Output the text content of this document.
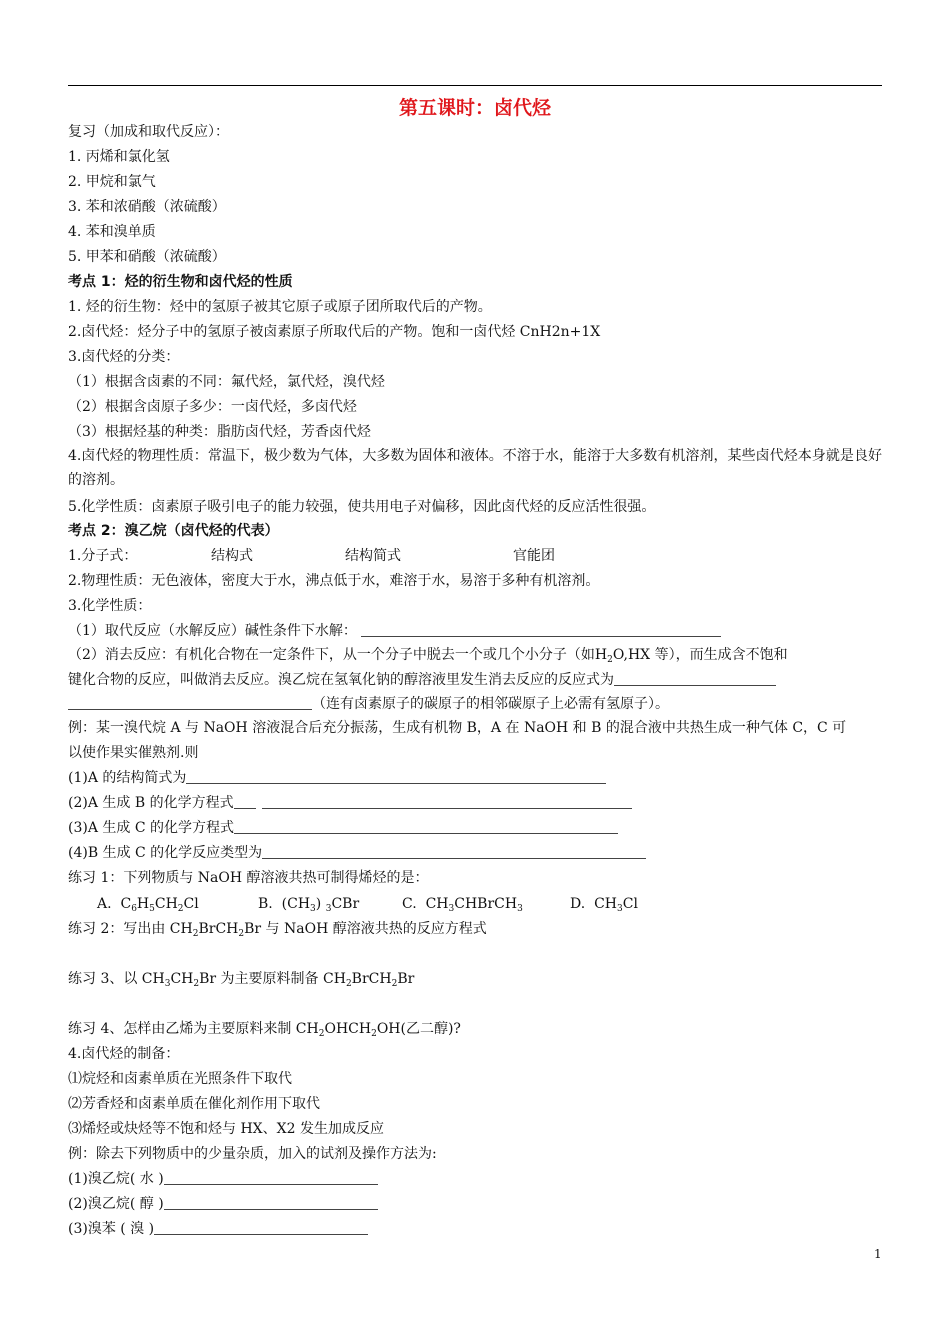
第五课时：卤代烃
复习（加成和取代反应）：
1. 丙烯和氯化氢
2. 甲烷和氯气
3. 苯和浓硝酸（浓硫酸）
4. 苯和溴单质
5. 甲苯和硝酸（浓硫酸）
考点 1：烃的衍生物和卤代烃的性质
1. 烃的衍生物：烃中的氢原子被其它原子或原子团所取代后的产物。
2.卤代烃：烃分子中的氢原子被卤素原子所取代后的产物。饱和一卤代烃 CnH2n+1X
3.卤代烃的分类：
（1）根据含卤素的不同：氟代烃，氯代烃，溴代烃
（2）根据含卤原子多少：一卤代烃，多卤代烃
（3）根据烃基的种类：脂肪卤代烃，芳香卤代烃
4.卤代烃的物理性质：常温下，极少数为气体，大多数为固体和液体。不溶于水，能溶于大多数有机溶剂，某些卤代烃本身就是良好的溶剂。
5.化学性质：卤素原子吸引电子的能力较强，使共用电子对偏移，因此卤代烃的反应活性很强。
考点 2：溴乙烷（卤代烃的代表）
1.分子式：	结构式	结构简式	官能团
2.物理性质：无色液体，密度大于水，沸点低于水，难溶于水，易溶于多种有机溶剂。
3.化学性质：
（1）取代反应（水解反应）碱性条件下水解：
（2）消去反应：有机化合物在一定条件下，从一个分子中脱去一个或几个小分子（如$H_2O,HX$ 等），而生成含不饱和
键化合物的反应，叫做消去反应。溴乙烷在氢氧化钠的醇溶液里发生消去反应的反应式为
（连有卤素原子的碳原子的相邻碳原子上必需有氢原子）。
例：某一溴代烷 A 与 NaOH 溶液混合后充分振荡，生成有机物 B，A 在 NaOH 和 B 的混合液中共热生成一种气体 C，C 可
以使作果实催熟剂.则
(1)A 的结构简式为
(2)A 生成 B 的化学方程式
(3)A 生成 C 的化学方程式
(4)B 生成 C 的化学反应类型为
练习 1：下列物质与 NaOH 醇溶液共热可制得烯烃的是：
A. $C_6H_5CH_2Cl$	B. $(CH_3)$ $_3$CBr	C. $CH_3CHBrCH_3$	D. $CH_3Cl$
练习 2：写出由 $CH_2BrCH_2Br$ 与 NaOH 醇溶液共热的反应方程式
练习 3、以 $CH_3CH_2Br$ 为主要原料制备 $CH_2BrCH_2Br$
练习 4、怎样由乙烯为主要原料来制 $CH_2OHCH_2OH$(乙二醇)?
4.卤代烃的制备：
⑴烷烃和卤素单质在光照条件下取代
⑵芳香烃和卤素单质在催化剂作用下取代
⑶烯烃或炔烃等不饱和烃与 HX、X2 发生加成反应
例：除去下列物质中的少量杂质，加入的试剂及操作方法为:
(1)溴乙烷( 水 )
(2)溴乙烷( 醇 )
(3)溴苯 ( 溴 )
1
